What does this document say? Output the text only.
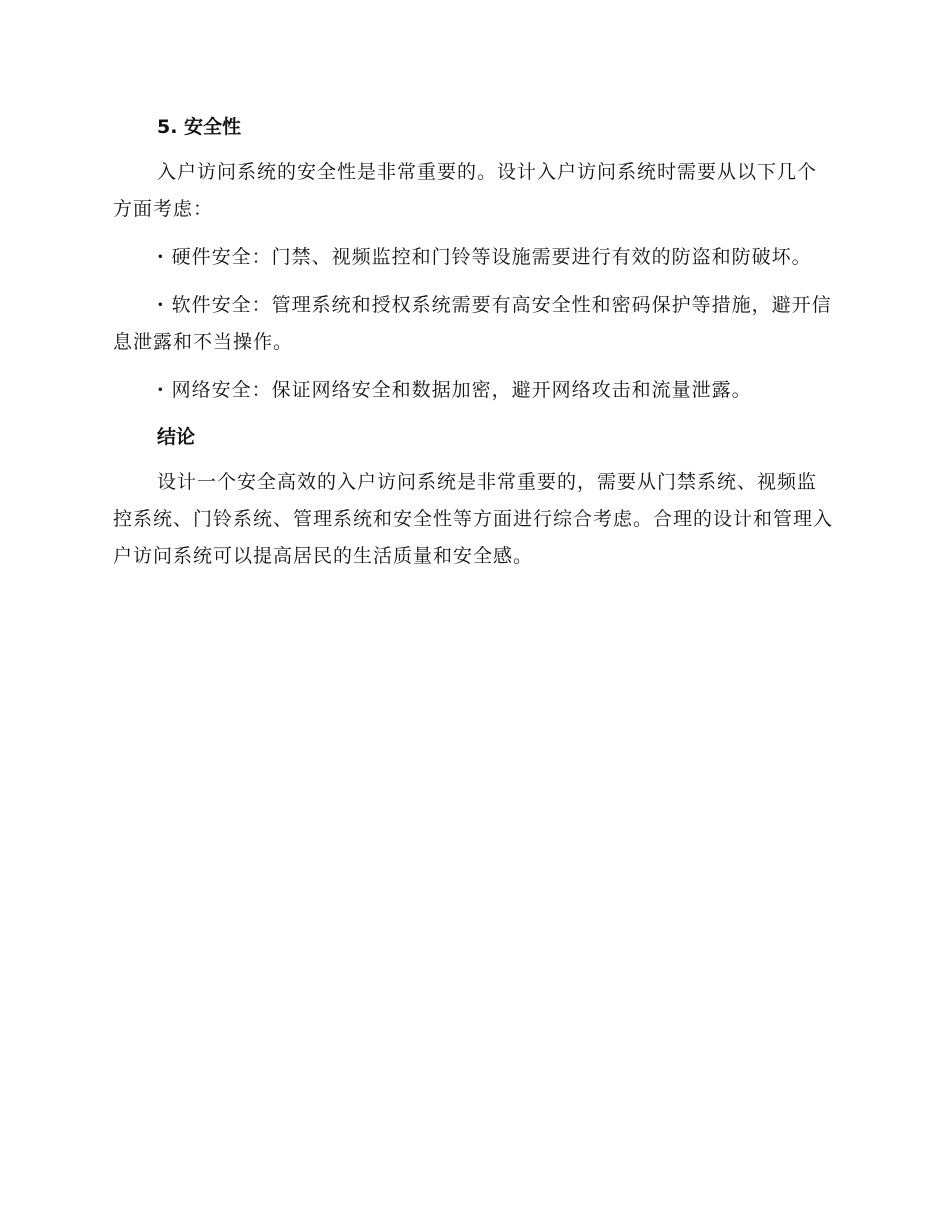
5. 安全性

入户访问系统的安全性是非常重要的。设计入户访问系统时需要从以下几个方面考虑：

· 硬件安全：门禁、视频监控和门铃等设施需要进行有效的防盗和防破坏。

· 软件安全：管理系统和授权系统需要有高安全性和密码保护等措施，避开信息泄露和不当操作。

· 网络安全：保证网络安全和数据加密，避开网络攻击和流量泄露。

结论

设计一个安全高效的入户访问系统是非常重要的，需要从门禁系统、视频监控系统、门铃系统、管理系统和安全性等方面进行综合考虑。合理的设计和管理入户访问系统可以提高居民的生活质量和安全感。
